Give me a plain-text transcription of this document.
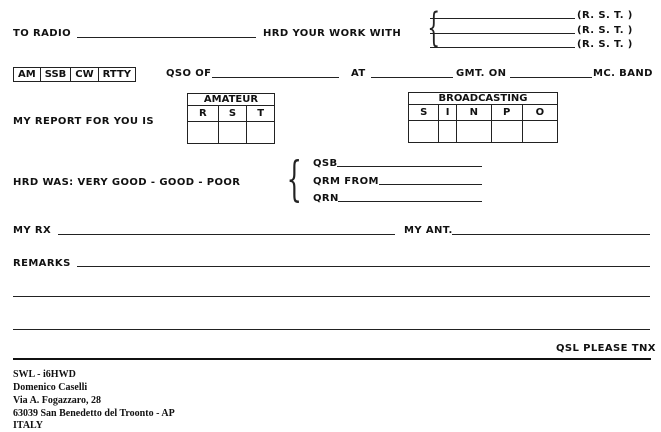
TO RADIO	HRD YOUR WORK WITH {	(R. S. T. )
(R. S. T. )
(R. S. T. )
AM SSB CW RTTY	QSO OF	AT	GMT. ON	MC. BAND
MY REPORT FOR YOU IS
AMATEUR		
R	S	T

BROADCASTING				
S	I	N	P	O

HRD WAS: VERY GOOD - GOOD - POOR { QSB
QRM FROM
QRN
MY RX	MY ANT.
REMARKS
QSL PLEASE TNX
SWL - i6HWD
Domenico Caselli
Via A. Fogazzaro, 28
63039 San Benedetto del Troonto - AP
ITALY
